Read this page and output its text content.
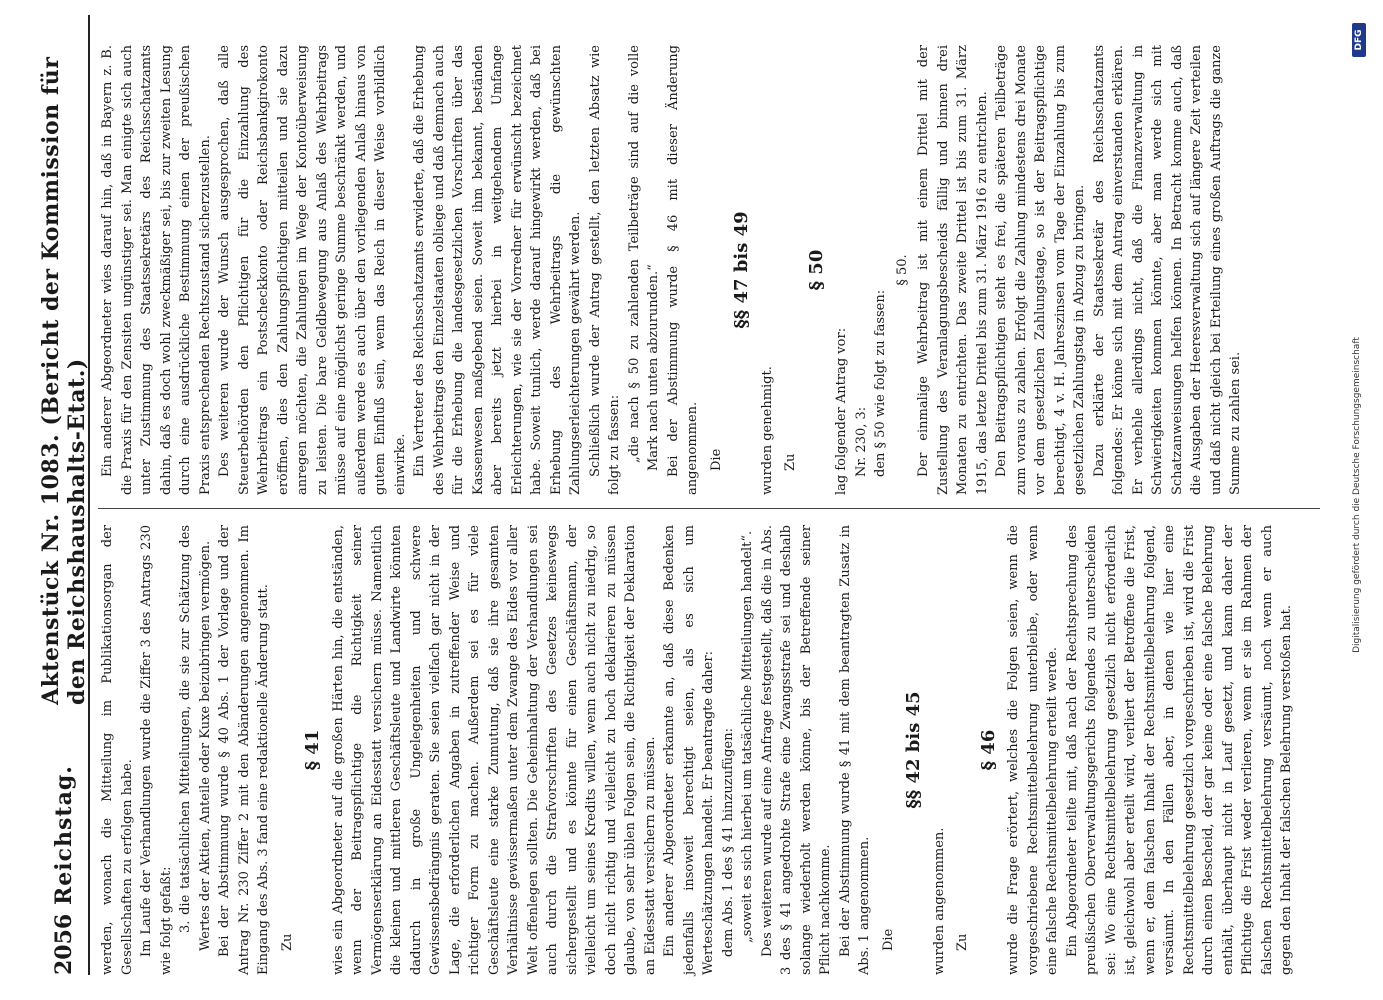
2056
Reichstag.
Aktenstück Nr. 1083. (Bericht der Kommission für den Reichshaushalts-Etat.) werden, wonach die Mitteilung im Publikationsorgan der Gesellschaften zu erfolgen habe. Im Laufe der Verhandlungen wurde die Ziffer 3 des Antrags 230 wie folgt gefaßt: 3. die tatsächlichen Mitteilungen, die sie zur Schätzung des Wertes der Aktien, Anteile oder Kuxe beizubringen vermögen. Bei der Abstimmung wurde § 40 Abs. 1 der Vorlage und der Antrag Nr. 230 Ziffer 2 mit den Abänderungen angenommen. Im Eingang des Abs. 3 fand eine redaktionelle Änderung statt. Zu

§ 41 wies ein Abgeordneter auf die großen Härten hin, die entständen, wenn der Beitragspflichtige die Richtigkeit seiner Vermögenserklärung an Eidesstatt versichern müsse. Namentlich die kleinen und mittleren Geschäftsleute und Landwirte könnten dadurch in große Ungelegenheiten und schwere Gewissensbedrängnis geraten. Sie seien vielfach gar nicht in der Lage, die erforderlichen Angaben in zutreffender Weise und richtiger Form zu machen. Außerdem sei es für viele Geschäftsleute eine starke Zumutung, daß sie ihre gesamten Verhältnisse gewissermaßen unter dem Zwange des Eides vor aller Welt offenlegen sollten. Die Geheimhaltung der Verhandlungen sei auch durch die Strafvorschriften des Gesetzes keineswegs sichergestellt und es könnte für einen Geschäftsmann, der vielleicht um seines Kredits willen, wenn auch nicht zu niedrig, so doch nicht richtig und vielleicht zu hoch deklarieren zu müssen glaube, von sehr üblen Folgen sein, die Richtigkeit der Deklaration an Eidesstatt versichern zu müssen. Ein anderer Abgeordneter erkannte an, daß diese Bedenken jedenfalls insoweit berechtigt seien, als es sich um Werteschätzungen handelt. Er beantragte daher: dem Abs. 1 des § 41 hinzuzufügen: „soweit es sich hierbei um tatsächliche Mitteilungen handelt“. Des weiteren wurde auf eine Anfrage festgestellt, daß die in Abs. 3 des § 41 angedrohte Strafe eine Zwangsstrafe sei und deshalb solange wiederholt werden könne, bis der Betreffende seiner Pflicht nachkomme. Bei der Abstimmung wurde § 41 mit dem beantragten Zusatz in Abs. 1 angenommen. Die

§§ 42 bis 45

wurden angenommen. Zu

§ 46 wurde die Frage erörtert, welches die Folgen seien, wenn die vorgeschriebene Rechtsmittelbelehrung unterbleibe, oder wenn eine falsche Rechtsmittelbelehrung erteilt werde. Ein Abgeordneter teilte mit, daß nach der Rechtsprechung des preußischen Oberverwaltungsgerichts folgendes zu unterscheiden sei: Wo eine Rechtsmittelbelehrung gesetzlich nicht erforderlich ist, gleichwohl aber erteilt wird, verliert der Betroffene die Frist, wenn er, dem falschen Inhalt der Rechtsmittelbelehrung folgend, versäumt. In den Fällen aber, in denen wie hier eine Rechtsmittelbelehrung gesetzlich vorgeschrieben ist, wird die Frist durch einen Bescheid, der gar keine oder eine falsche Belehrung enthält, überhaupt nicht in Lauf gesetzt, und kann daher der Pflichtige die Frist weder verlieren, wenn er sie im Rahmen der falschen Rechtsmittelbelehrung versäumt, noch wenn er auch gegen den Inhalt der falschen Belehrung verstoßen hat.

Ein anderer Abgeordneter wies darauf hin, daß in Bayern z. B. die Praxis für den Zensiten ungünstiger sei. Man einigte sich auch unter Zustimmung des Staatssekretärs des Reichsschatzamts dahin, daß es doch wohl zweckmäßiger sei, bis zur zweiten Lesung durch eine ausdrückliche Bestimmung einen der preußischen Praxis entsprechenden Rechtszustand sicherzustellen. Des weiteren wurde der Wunsch ausgesprochen, daß alle Steuerbehörden den Pflichtigen für die Einzahlung des Wehrbeitrags ein Postscheckkonto oder Reichsbankgirokonto eröffnen, dies den Zahlungspflichtigen mitteilen und sie dazu anregen möchten, die Zahlungen im Wege der Kontoüberweisung zu leisten. Die bare Geldbewegung aus Anlaß des Wehrbeitrags müsse auf eine möglichst geringe Summe beschränkt werden, und außerdem werde es auch über den vorliegenden Anlaß hinaus von gutem Einfluß sein, wenn das Reich in dieser Weise vorbildlich einwirke. Ein Vertreter des Reichsschatzamts erwiderte, daß die Erhebung des Wehrbeitrags den Einzelstaaten obliege und daß demnach auch für die Erhebung die landesgesetzlichen Vorschriften über das Kassenwesen maßgebend seien. Soweit ihm bekannt, beständen aber bereits jetzt hierbei in weitgehendem Umfange Erleichterungen, wie sie der Vorredner für erwünscht bezeichnet habe. Soweit tunlich, werde darauf hingewirkt werden, daß bei Erhebung des Wehrbeitrags die gewünschten Zahlungserleichterungen gewährt werden. Schließlich wurde der Antrag gestellt, den letzten Absatz wie folgt zu fassen: „die nach § 50 zu zahlenden Teilbeträge sind auf die volle Mark nach unten abzurunden.“ Bei der Abstimmung wurde § 46 mit dieser Änderung angenommen. Die

§§ 47 bis 49

wurden genehmigt. Zu

§ 50

lag folgender Antrag vor: Nr. 230, 3: den § 50 wie folgt zu fassen:

§ 50. Der einmalige Wehrbeitrag ist mit einem Drittel mit der Zustellung des Veranlagungsbescheids fällig und binnen drei Monaten zu entrichten. Das zweite Drittel ist bis zum 31. März 1915, das letzte Drittel bis zum 31. März 1916 zu entrichten. Den Beitragspflichtigen steht es frei, die späteren Teilbeträge zum voraus zu zahlen. Erfolgt die Zahlung mindestens drei Monate vor dem gesetzlichen Zahlungstage, so ist der Beitragspflichtige berechtigt, 4 v. H. Jahreszinsen vom Tage der Einzahlung bis zum gesetzlichen Zahlungstag in Abzug zu bringen. Dazu erklärte der Staatssekretär des Reichsschatzamts folgendes: Er könne sich mit dem Antrag einverstanden erklären. Er verhehle allerdings nicht, daß die Finanzverwaltung in Schwierigkeiten kommen könnte, aber man werde sich mit Schatzanweisungen helfen können. In Betracht komme auch, daß die Ausgaben der Heeresverwaltung sich auf längere Zeit verteilen und daß nicht gleich bei Erteilung eines großen Auftrags die ganze Summe zu zahlen sei.	Digitalisierung gefördert durch die Deutsche Forschungsgemeinschaft
DFG
